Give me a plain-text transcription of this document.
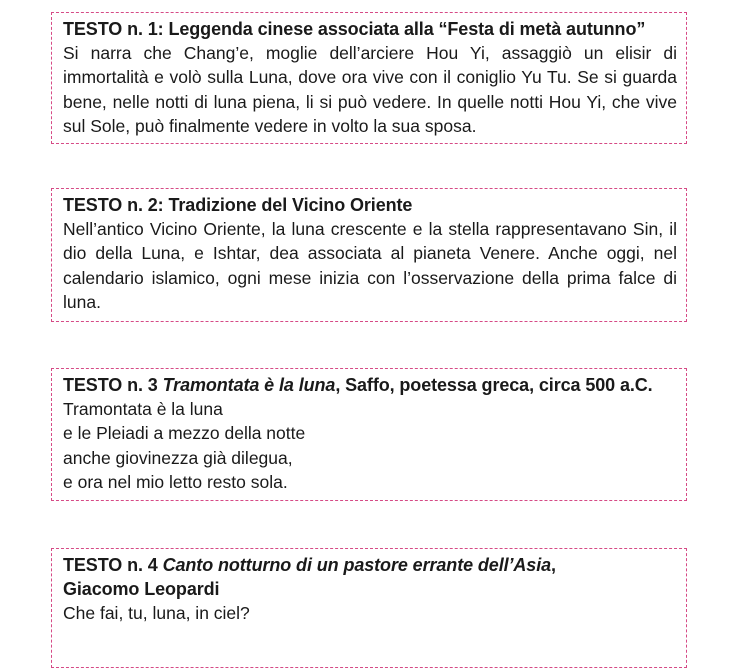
TESTO n. 1: Leggenda cinese associata alla “Festa di metà autunno”

Si narra che Chang’e, moglie dell’arciere Hou Yi, assaggiò un elisir di immortalità e volò sulla Luna, dove ora vive con il coniglio Yu Tu. Se si guarda bene, nelle notti di luna piena, li si può vedere. In quelle notti Hou Yi, che vive sul Sole, può finalmente vedere in volto la sua sposa.

TESTO n. 2: Tradizione del Vicino Oriente

Nell’antico Vicino Oriente, la luna crescente e la stella rappresentavano Sin, il dio della Luna, e Ishtar, dea associata al pianeta Venere. Anche oggi, nel calendario islamico, ogni mese inizia con l’osservazione della prima falce di luna.

TESTO n. 3 Tramontata è la luna, Saffo, poetessa greca, circa 500 a.C.

Tramontata è la luna
e le Pleiadi a mezzo della notte
anche giovinezza già dilegua,
e ora nel mio letto resto sola.

TESTO n. 4 Canto notturno di un pastore errante dell’Asia,
Giacomo Leopardi

Che fai, tu, luna, in ciel?
